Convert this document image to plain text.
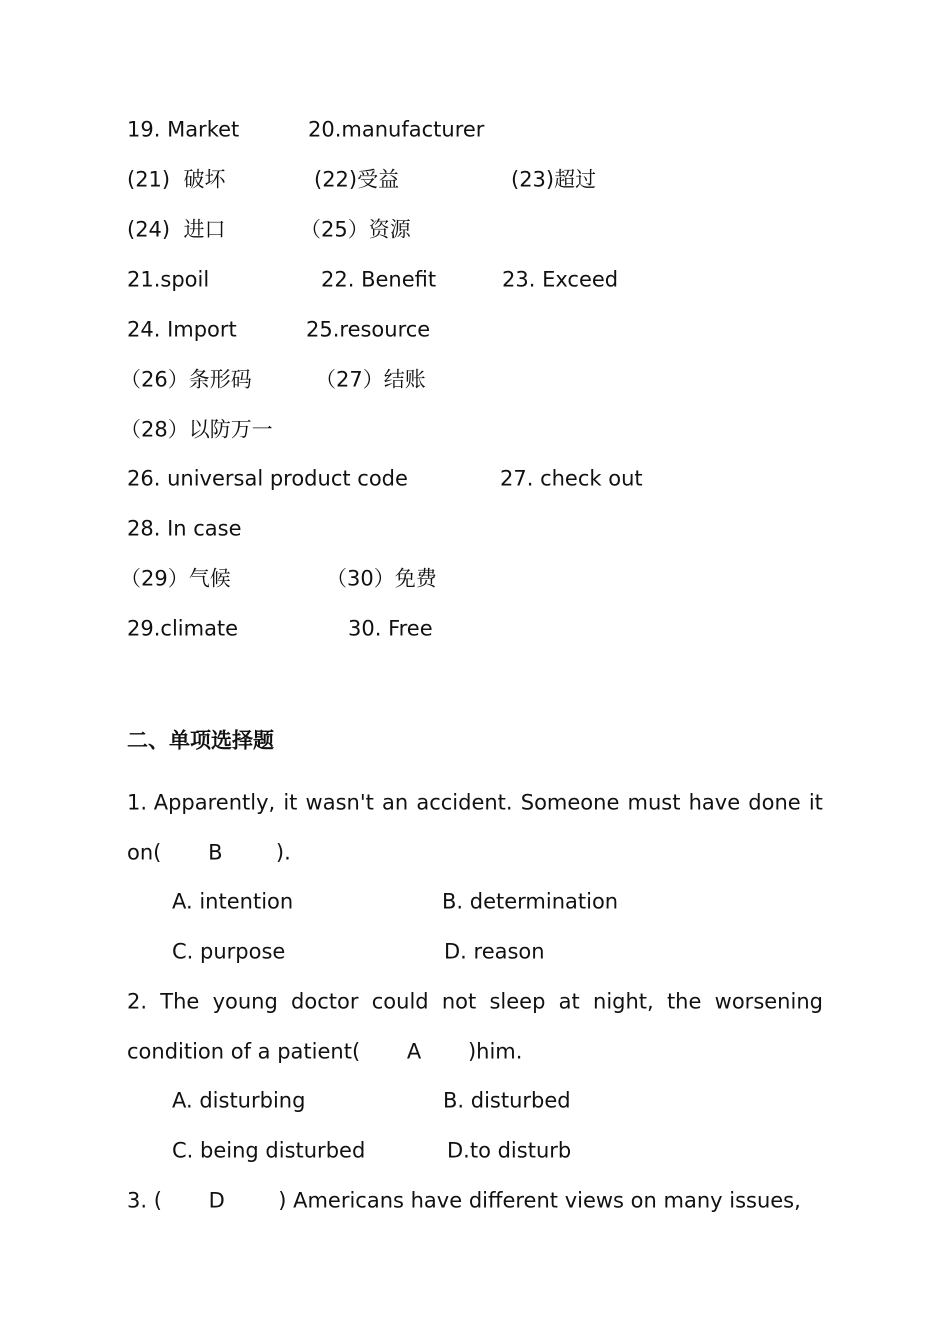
19. Market	20.manufacturer
(21)  破坏	(22)受益	(23)超过
(24)  进口	（25）资源
21.spoil	22. Benefit	23. Exceed
24. Import	25.resource
（26）条形码	（27）结账
（28）以防万一
26. universal product code	27. check out
28. In case
（29）气候	（30）免费
29.climate	30. Free
二、单项选择题
1. Apparently, it wasn't an accident. Someone must have done it
on(       B        ).
A. intention	B. determination
C. purpose	D. reason
2. The young doctor could not sleep at night, the worsening
condition of a patient(       A       )him.
A. disturbing	B. disturbed
C. being disturbed	D.to disturb
3. (       D        ) Americans have different views on many issues,
